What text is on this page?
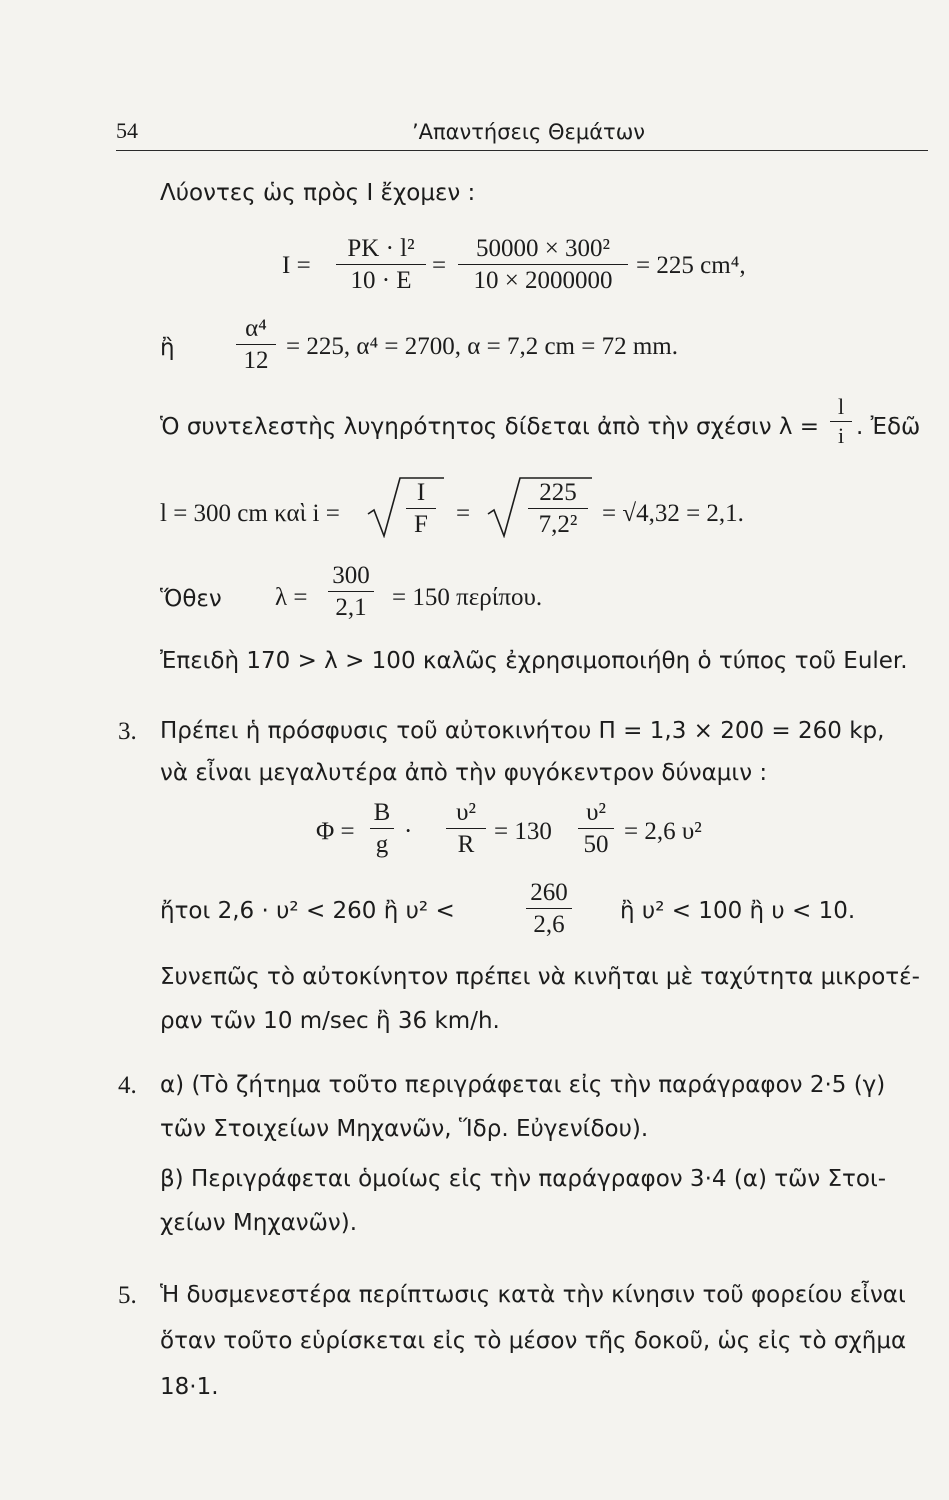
54	’Απαντήσεις Θεμάτων
Λύοντες ὡς πρὸς I ἔχομεν :
I =
PK · l²
10 · E
=
50000 × 300²
10 × 2000000
= 225 cm⁴,
ἢ
α⁴
12
= 225, α⁴ = 2700, α = 7,2 cm = 72 mm.
Ὁ συντελεστὴς λυγηρότητος δίδεται ἀπὸ τὴν σχέσιν λ =
l
i . Ἐδῶ
l = 300 cm καὶ i =
I
F	=
225
7,2² = √4,32 = 2,1.
Ὅθεν λ =
300
2,1 = 150 περίπου.
Ἐπειδὴ 170 > λ > 100 καλῶς ἐχρησιμοποιήθη ὁ τύπος τοῦ Euler.
3. Πρέπει ἡ πρόσφυσις τοῦ αὐτοκινήτου Π = 1,3 × 200 = 260 kp,
νὰ εἶναι μεγαλυτέρα ἀπὸ τὴν φυγόκεντρον δύναμιν :
Φ =
B
g ·
υ²
R = 130
υ²
50 = 2,6 υ²
ἤτοι 2,6 · υ² < 260 ἢ υ² <
260
2,6	ἢ υ² < 100 ἢ υ < 10.
Συνεπῶς τὸ αὐτοκίνητον πρέπει νὰ κινῆται μὲ ταχύτητα μικροτέ-
ραν τῶν 10 m/sec ἢ 36 km/h.
4. α) (Τὸ ζήτημα τοῦτο περιγράφεται εἰς τὴν παράγραφον 2·5 (γ)
τῶν Στοιχείων Μηχανῶν, Ἵδρ. Εὐγενίδου).
β) Περιγράφεται ὁμοίως εἰς τὴν παράγραφον 3·4 (α) τῶν Στοι-
χείων Μηχανῶν).
5. Ἡ δυσμενεστέρα περίπτωσις κατὰ τὴν κίνησιν τοῦ φορείου εἶναι
ὅταν τοῦτο εὑρίσκεται εἰς τὸ μέσον τῆς δοκοῦ, ὡς εἰς τὸ σχῆμα
18·1.
